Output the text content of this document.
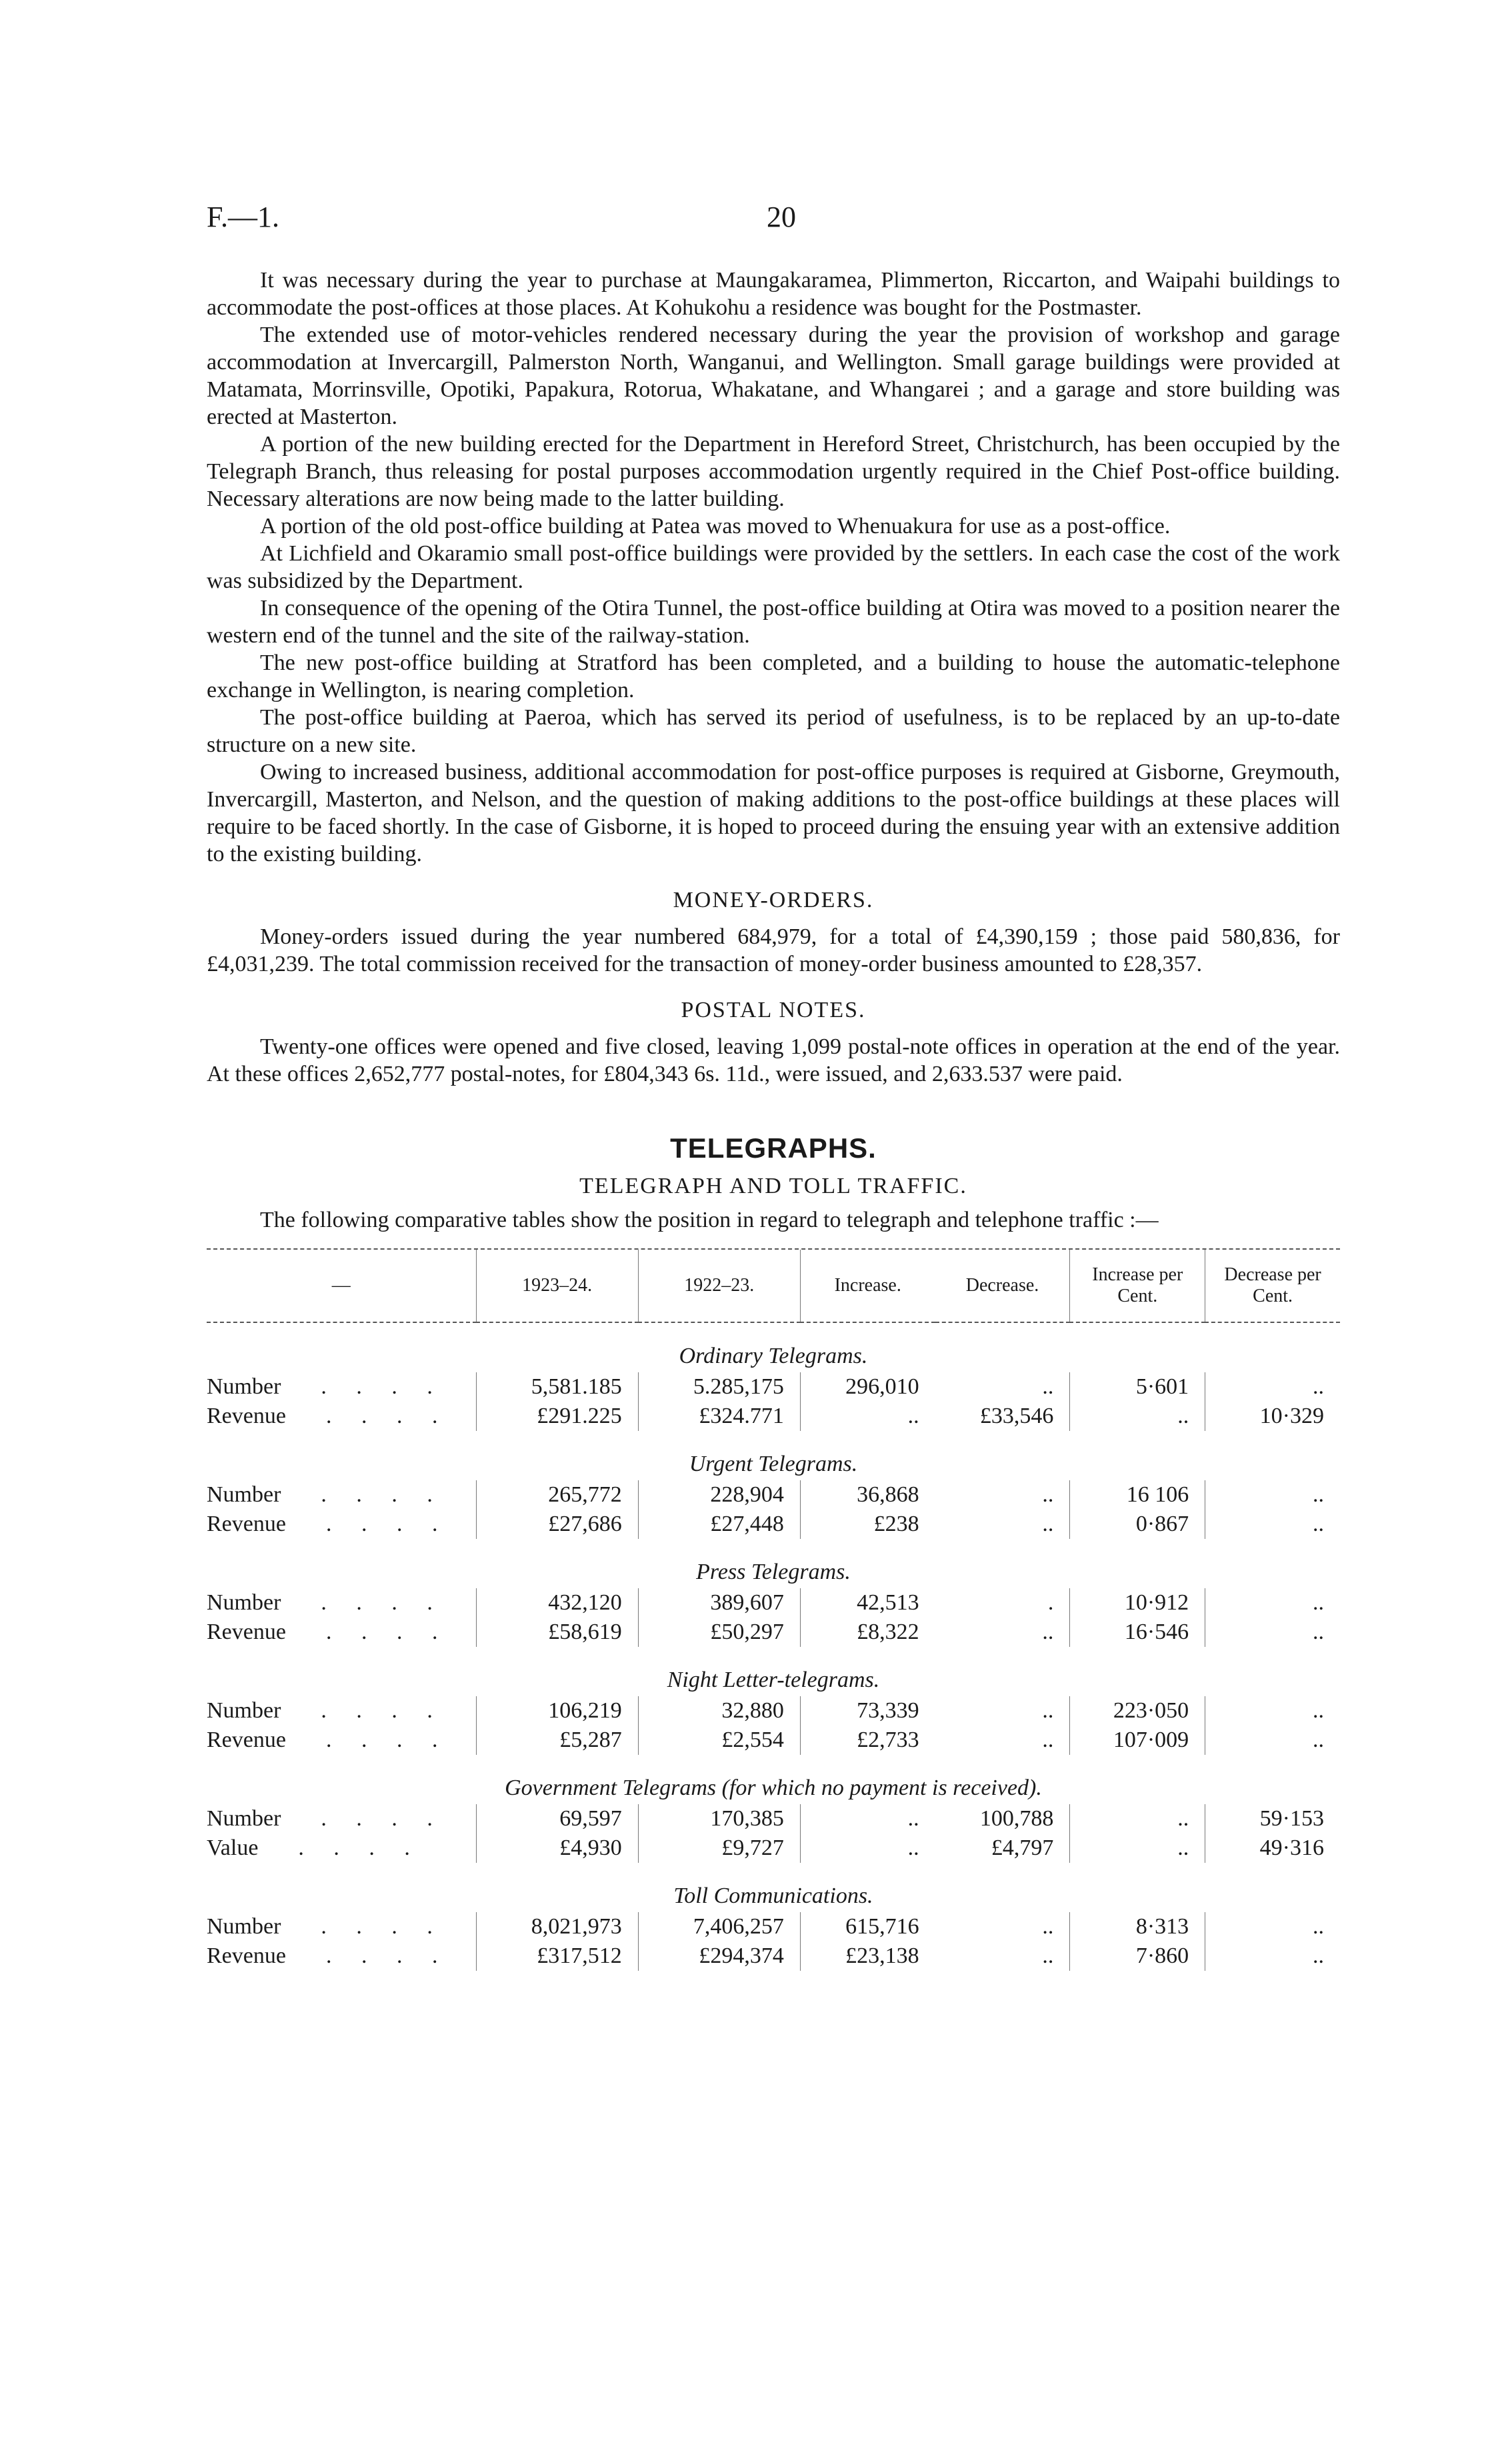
F.—1.	20

It was necessary during the year to purchase at Maungakaramea, Plimmerton, Riccarton, and Waipahi buildings to accommodate the post-offices at those places. At Kohukohu a residence was bought for the Postmaster.

The extended use of motor-vehicles rendered necessary during the year the provision of workshop and garage accommodation at Invercargill, Palmerston North, Wanganui, and Wellington. Small garage buildings were provided at Matamata, Morrinsville, Opotiki, Papakura, Rotorua, Whakatane, and Whangarei ; and a garage and store building was erected at Masterton.

A portion of the new building erected for the Department in Hereford Street, Christchurch, has been occupied by the Telegraph Branch, thus releasing for postal purposes accommodation urgently required in the Chief Post-office building. Necessary alterations are now being made to the latter building.

A portion of the old post-office building at Patea was moved to Whenuakura for use as a post-office.

At Lichfield and Okaramio small post-office buildings were provided by the settlers. In each case the cost of the work was subsidized by the Department.

In consequence of the opening of the Otira Tunnel, the post-office building at Otira was moved to a position nearer the western end of the tunnel and the site of the railway-station.

The new post-office building at Stratford has been completed, and a building to house the automatic-telephone exchange in Wellington, is nearing completion.

The post-office building at Paeroa, which has served its period of usefulness, is to be replaced by an up-to-date structure on a new site.

Owing to increased business, additional accommodation for post-office purposes is required at Gisborne, Greymouth, Invercargill, Masterton, and Nelson, and the question of making additions to the post-office buildings at these places will require to be faced shortly. In the case of Gisborne, it is hoped to proceed during the ensuing year with an extensive addition to the existing building.

MONEY-ORDERS.

Money-orders issued during the year numbered 684,979, for a total of £4,390,159 ; those paid 580,836, for £4,031,239. The total commission received for the transaction of money-order business amounted to £28,357.

POSTAL NOTES.

Twenty-one offices were opened and five closed, leaving 1,099 postal-note offices in operation at the end of the year. At these offices 2,652,777 postal-notes, for £804,343 6s. 11d., were issued, and 2,633.537 were paid.

TELEGRAPHS.
TELEGRAPH AND TOLL TRAFFIC.

The following comparative tables show the position in regard to telegraph and telephone traffic :—

—	1923–24.	1922–23.	Increase.	Decrease.	Increase per Cent.	Decrease per Cent.
Ordinary Telegrams.						
Number . . . .	5,581.185	5.285,175	296,010	..	5·601	..
Revenue . . . .	£291.225	£324.771	..	£33,546	..	10·329
Urgent Telegrams.						
Number . . . .	265,772	228,904	36,868	..	16 106	..
Revenue . . . .	£27,686	£27,448	£238	..	0·867	..
Press Telegrams.						
Number . . . .	432,120	389,607	42,513	.	10·912	..
Revenue . . . .	£58,619	£50,297	£8,322	..	16·546	..
Night Letter-telegrams.						
Number . . . .	106,219	32,880	73,339	..	223·050	..
Revenue . . . .	£5,287	£2,554	£2,733	..	107·009	..
Government Telegrams (for which no payment is received).						
Number . . . .	69,597	170,385	..	100,788	..	59·153
Value . . . .	£4,930	£9,727	..	£4,797	..	49·316
Toll Communications.						
Number . . . .	8,021,973	7,406,257	615,716	..	8·313	..
Revenue . . . .	£317,512	£294,374	£23,138	..	7·860	..
